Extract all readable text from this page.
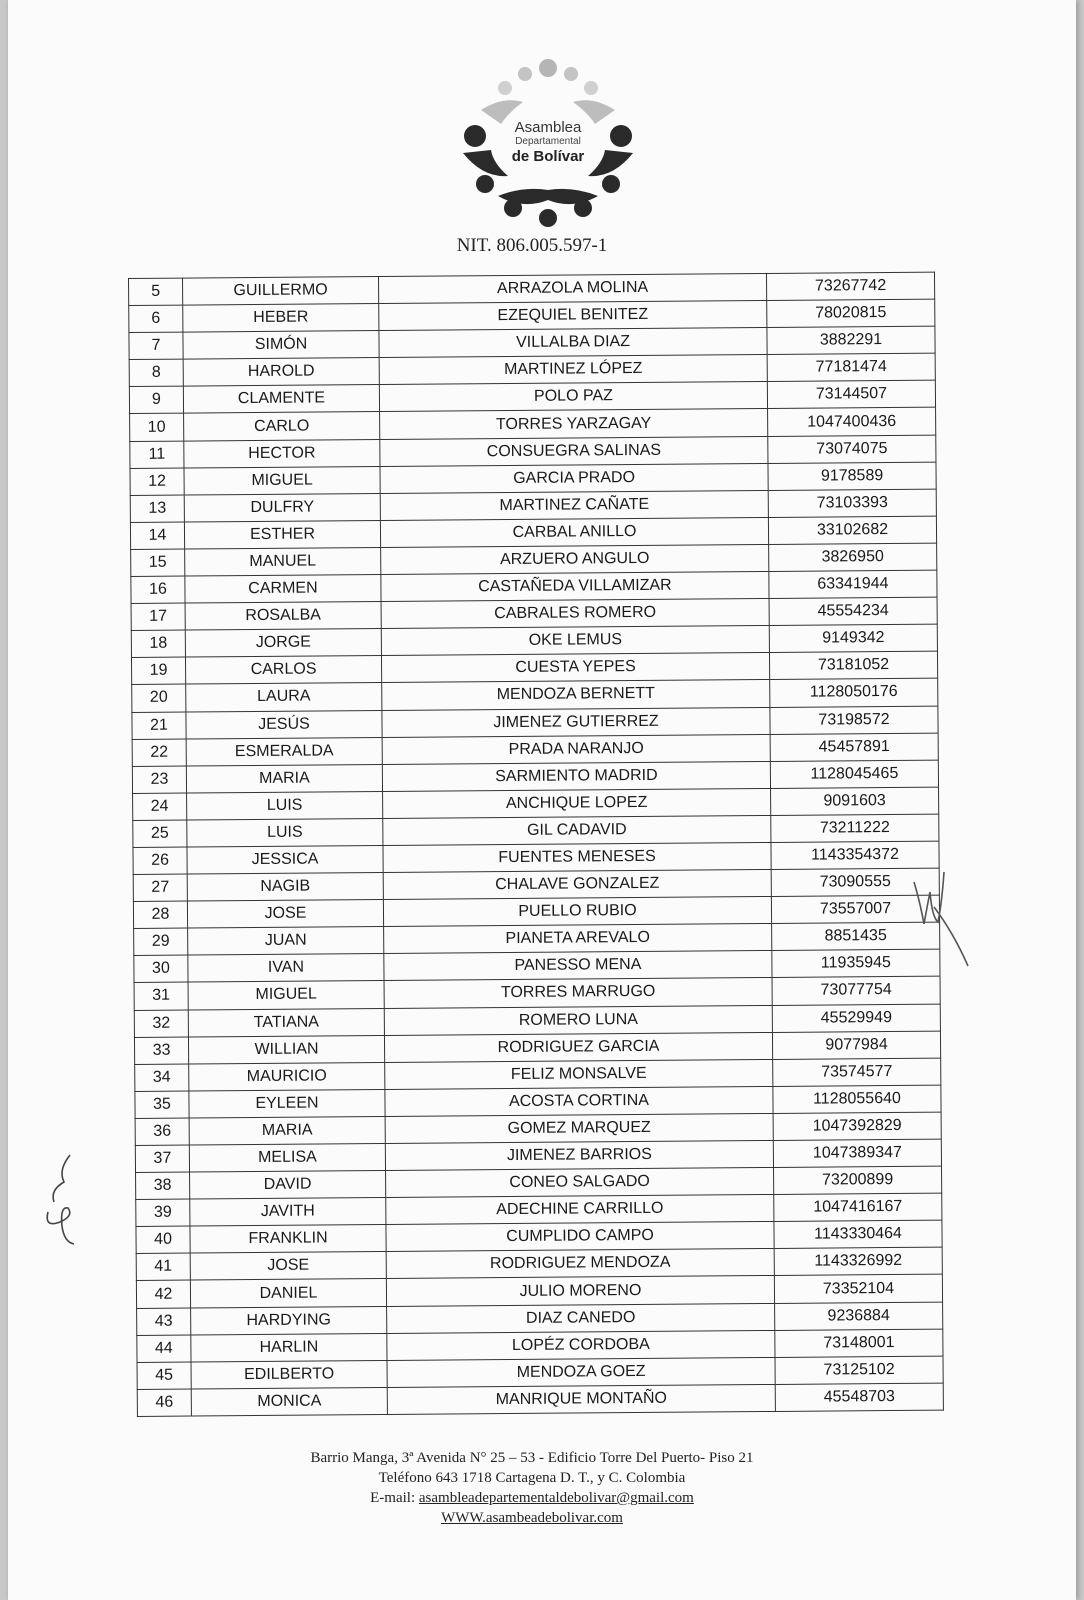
Asamblea
Departamental
de Bolívar
NIT. 806.005.597-1
5	GUILLERMO	ARRAZOLA MOLINA	73267742
6	HEBER	EZEQUIEL BENITEZ	78020815
7	SIMÓN	VILLALBA DIAZ	3882291
8	HAROLD	MARTINEZ LÓPEZ	77181474
9	CLAMENTE	POLO PAZ	73144507
10	CARLO	TORRES YARZAGAY	1047400436
11	HECTOR	CONSUEGRA SALINAS	73074075
12	MIGUEL	GARCIA PRADO	9178589
13	DULFRY	MARTINEZ CAÑATE	73103393
14	ESTHER	CARBAL ANILLO	33102682
15	MANUEL	ARZUERO ANGULO	3826950
16	CARMEN	CASTAÑEDA VILLAMIZAR	63341944
17	ROSALBA	CABRALES ROMERO	45554234
18	JORGE	OKE LEMUS	9149342
19	CARLOS	CUESTA YEPES	73181052
20	LAURA	MENDOZA BERNETT	1128050176
21	JESÚS	JIMENEZ GUTIERREZ	73198572
22	ESMERALDA	PRADA NARANJO	45457891
23	MARIA	SARMIENTO MADRID	1128045465
24	LUIS	ANCHIQUE LOPEZ	9091603
25	LUIS	GIL CADAVID	73211222
26	JESSICA	FUENTES MENESES	1143354372
27	NAGIB	CHALAVE GONZALEZ	73090555
28	JOSE	PUELLO RUBIO	73557007
29	JUAN	PIANETA AREVALO	8851435
30	IVAN	PANESSO MENA	11935945
31	MIGUEL	TORRES MARRUGO	73077754
32	TATIANA	ROMERO LUNA	45529949
33	WILLIAN	RODRIGUEZ GARCIA	9077984
34	MAURICIO	FELIZ MONSALVE	73574577
35	EYLEEN	ACOSTA CORTINA	1128055640
36	MARIA	GOMEZ MARQUEZ	1047392829
37	MELISA	JIMENEZ BARRIOS	1047389347
38	DAVID	CONEO SALGADO	73200899
39	JAVITH	ADECHINE CARRILLO	1047416167
40	FRANKLIN	CUMPLIDO CAMPO	1143330464
41	JOSE	RODRIGUEZ MENDOZA	1143326992
42	DANIEL	JULIO MORENO	73352104
43	HARDYING	DIAZ CANEDO	9236884
44	HARLIN	LOPÉZ CORDOBA	73148001
45	EDILBERTO	MENDOZA GOEZ	73125102
46	MONICA	MANRIQUE MONTAÑO	45548703
Barrio Manga, 3ª Avenida N° 25 – 53 - Edificio Torre Del Puerto- Piso 21
Teléfono 643 1718 Cartagena D. T., y C. Colombia
E-mail: asambleadepartementaldebolivar@gmail.com
WWW.asambeadebolivar.com
